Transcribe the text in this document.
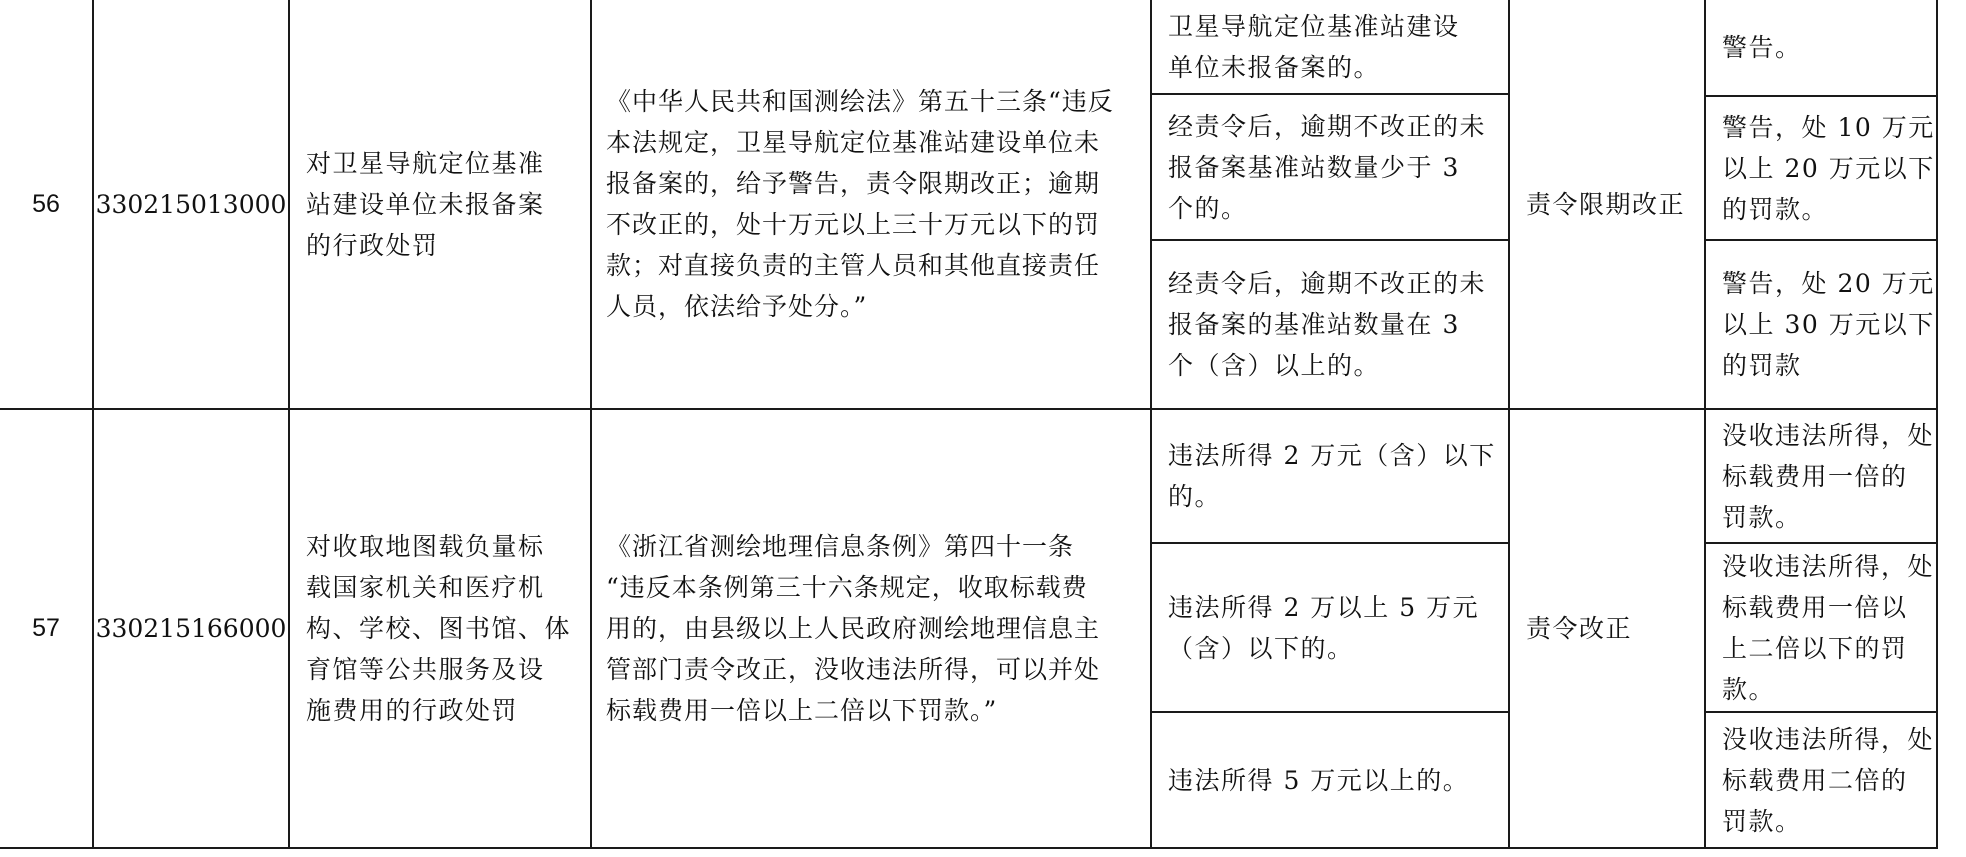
56 330215013000
对卫星导航定位基准
站建设单位未报备案
的行政处罚
《中华人民共和国测绘法》第五十三条“违反
本法规定，卫星导航定位基准站建设单位未
报备案的，给予警告，责令限期改正；逾期
不改正的，处十万元以上三十万元以下的罚
款；对直接负责的主管人员和其他直接责任
人员，依法给予处分。”
卫星导航定位基准站建设
单位未报备案的。
经责令后，逾期不改正的未
报备案基准站数量少于 3
个的。
经责令后，逾期不改正的未
报备案的基准站数量在 3
个（含）以上的。
责令限期改正
警告。
警告，处 10 万元
以上 20 万元以下
的罚款。
警告，处 20 万元
以上 30 万元以下
的罚款
57 330215166000
对收取地图载负量标
载国家机关和医疗机
构、学校、图书馆、体
育馆等公共服务及设
施费用的行政处罚
《浙江省测绘地理信息条例》第四十一条
“违反本条例第三十六条规定，收取标载费
用的，由县级以上人民政府测绘地理信息主
管部门责令改正，没收违法所得，可以并处
标载费用一倍以上二倍以下罚款。”
违法所得 2 万元（含）以下
的。
违法所得 2 万以上 5 万元
（含）以下的。
违法所得 5 万元以上的。
责令改正
没收违法所得，处
标载费用一倍的
罚款。
没收违法所得，处
标载费用一倍以
上二倍以下的罚
款。
没收违法所得，处
标载费用二倍的
罚款。
